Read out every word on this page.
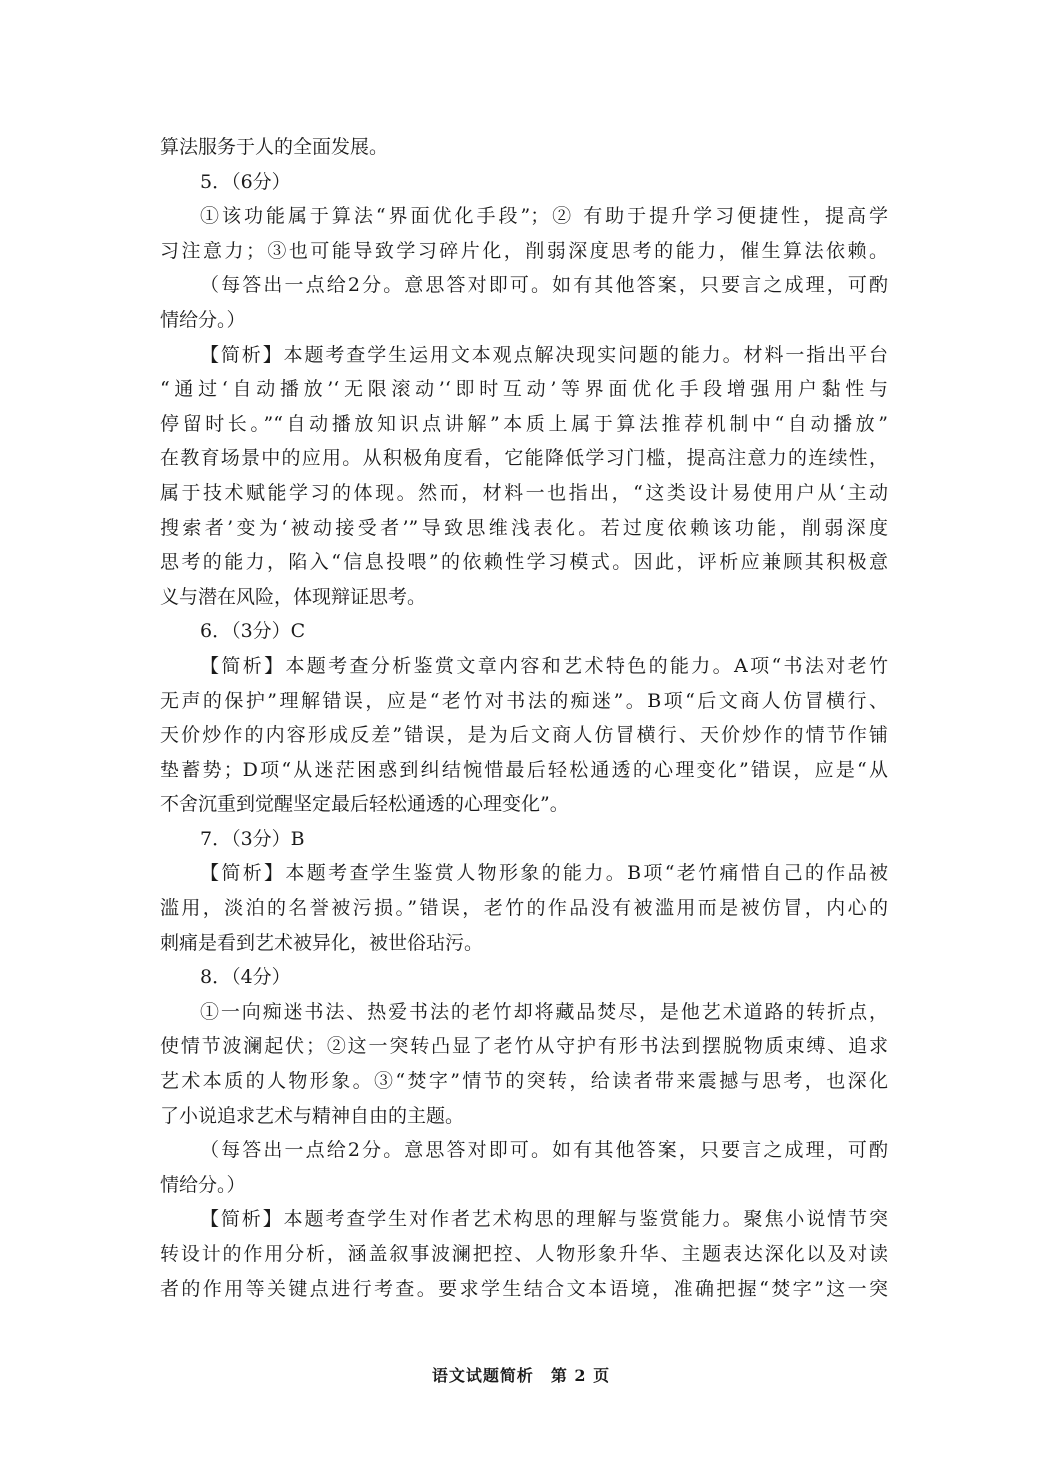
算法服务于人的全面发展。
5．（6分）
①该功能属于算法“界面优化手段”；② 有助于提升学习便捷性，提高学
习注意力；③也可能导致学习碎片化，削弱深度思考的能力，催生算法依赖。
（每答出一点给2分。意思答对即可。如有其他答案，只要言之成理，可酌
情给分。）
【简析】本题考查学生运用文本观点解决现实问题的能力。材料一指出平台
“通过‘自动播放’‘无限滚动’‘即时互动’等界面优化手段增强用户黏性与
停留时长。”“自动播放知识点讲解”本质上属于算法推荐机制中“自动播放”
在教育场景中的应用。从积极角度看，它能降低学习门槛，提高注意力的连续性，
属于技术赋能学习的体现。然而，材料一也指出，“这类设计易使用户从‘主动
搜索者’变为‘被动接受者’”导致思维浅表化。若过度依赖该功能，削弱深度
思考的能力，陷入“信息投喂”的依赖性学习模式。因此，评析应兼顾其积极意
义与潜在风险，体现辩证思考。
6．（3分）C
【简析】本题考查分析鉴赏文章内容和艺术特色的能力。A项“书法对老竹
无声的保护”理解错误，应是“老竹对书法的痴迷”。B项“后文商人仿冒横行、
天价炒作的内容形成反差”错误，是为后文商人仿冒横行、天价炒作的情节作铺
垫蓄势；D项“从迷茫困惑到纠结惋惜最后轻松通透的心理变化”错误，应是“从
不舍沉重到觉醒坚定最后轻松通透的心理变化”。
7．（3分）B
【简析】本题考查学生鉴赏人物形象的能力。B项“老竹痛惜自己的作品被
滥用，淡泊的名誉被污损。”错误，老竹的作品没有被滥用而是被仿冒，内心的
刺痛是看到艺术被异化，被世俗玷污。
8．（4分）
①一向痴迷书法、热爱书法的老竹却将藏品焚尽，是他艺术道路的转折点，
使情节波澜起伏；②这一突转凸显了老竹从守护有形书法到摆脱物质束缚、追求
艺术本质的人物形象。③“焚字”情节的突转，给读者带来震撼与思考，也深化
了小说追求艺术与精神自由的主题。
（每答出一点给2分。意思答对即可。如有其他答案，只要言之成理，可酌
情给分。）
【简析】本题考查学生对作者艺术构思的理解与鉴赏能力。聚焦小说情节突
转设计的作用分析，涵盖叙事波澜把控、人物形象升华、主题表达深化以及对读
者的作用等关键点进行考查。要求学生结合文本语境，准确把握“焚字”这一突
语文试题简析　第 2 页
